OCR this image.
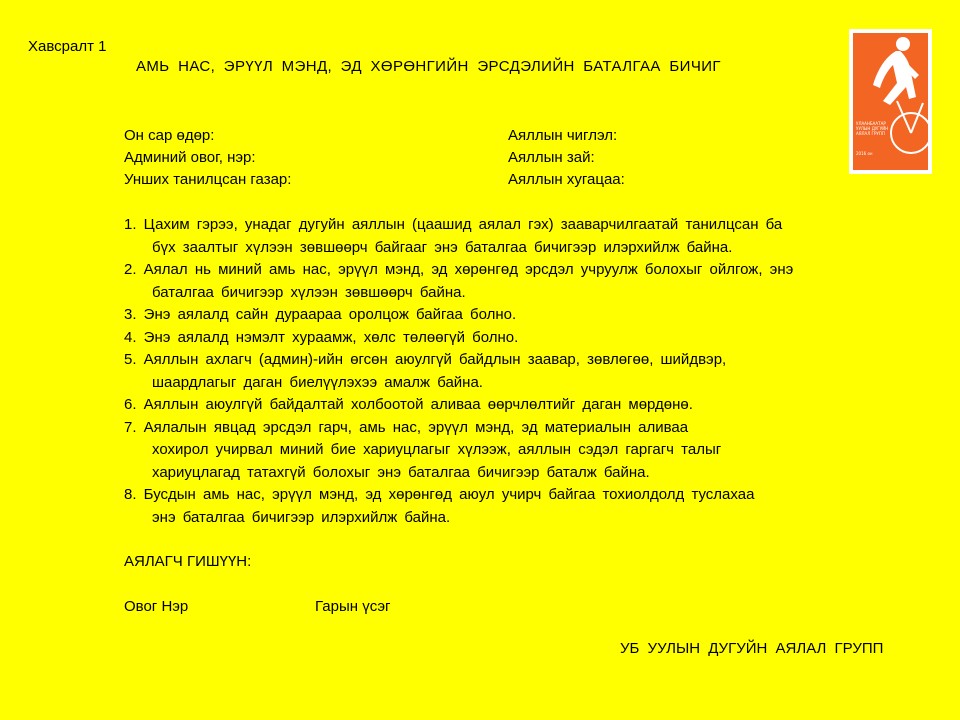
Хавсралт 1
АМЬ НАС, ЭРҮҮЛ МЭНД, ЭД ХӨРӨНГИЙН ЭРСДЭЛИЙН БАТАЛГАА БИЧИГ
УЛААНБААТАР
УУЛЫН ДУГУЙН
АЯЛАЛ ГРУПП
2016 он
Он сар өдөр:
Админий овог, нэр:
Унших танилцсан газар:
Аяллын чиглэл:
Аяллын зай:
Аяллын хугацаа:
1. Цахим гэрээ, унадаг дугуйн аяллын (цаашид аялал гэх) зааварчилгаатай танилцсан ба
бүх заалтыг хүлээн зөвшөөрч байгааг энэ баталгаа бичигээр илэрхийлж байна.
2. Аялал нь миний амь нас, эрүүл мэнд, эд хөрөнгөд эрсдэл учруулж болохыг ойлгож, энэ
баталгаа бичигээр хүлээн зөвшөөрч байна.
3. Энэ аялалд сайн дураараа оролцож байгаа болно.
4. Энэ аялалд нэмэлт хураамж, хөлс төлөөгүй болно.
5. Аяллын ахлагч (админ)-ийн өгсөн аюулгүй байдлын заавар, зөвлөгөө, шийдвэр,
шаардлагыг даган биелүүлэхээ амалж байна.
6. Аяллын аюулгүй байдалтай холбоотой аливаа өөрчлөлтийг даган мөрдөнө.
7. Аялалын явцад эрсдэл гарч, амь нас, эрүүл мэнд, эд материалын аливаа
хохирол учирвал миний бие хариуцлагыг хүлээж, аяллын сэдэл гаргагч талыг
хариуцлагад татахгүй болохыг энэ баталгаа бичигээр баталж байна.
8. Бусдын амь нас, эрүүл мэнд, эд хөрөнгөд аюул учирч байгаа тохиолдолд туслахаа
энэ баталгаа бичигээр илэрхийлж байна.
АЯЛАГЧ ГИШҮҮН:
Овог Нэр	Гарын үсэг
УБ УУЛЫН ДУГУЙН АЯЛАЛ ГРУПП
